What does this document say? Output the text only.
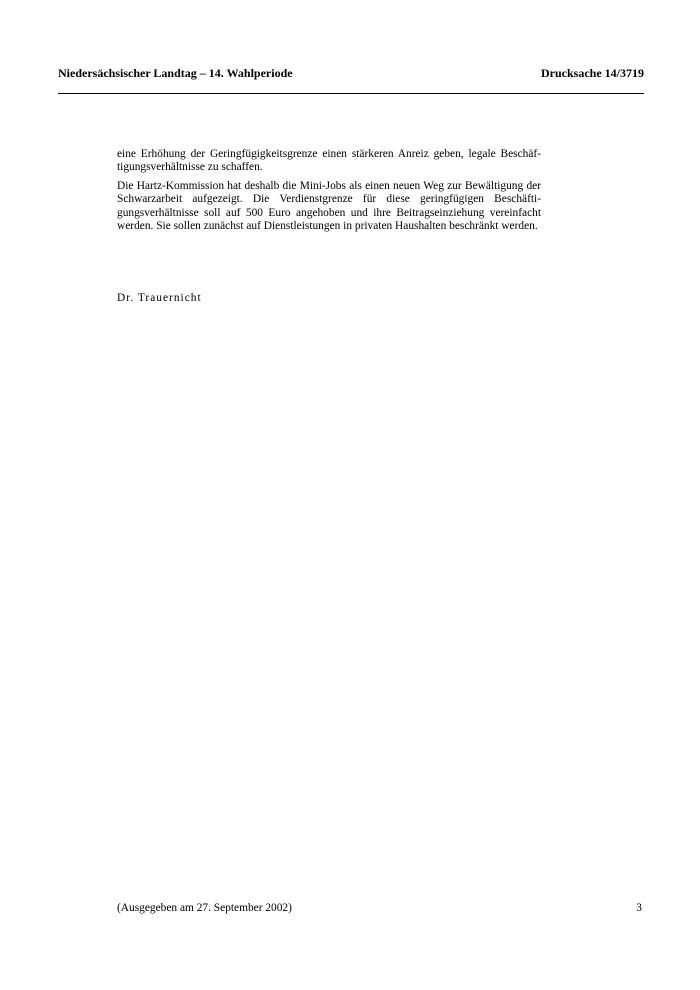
Niedersächsischer Landtag – 14. Wahlperiode	Drucksache 14/3719

eine Erhöhung der Geringfügigkeitsgrenze einen stärkeren Anreiz geben, legale Beschäftigungsverhältnisse zu schaffen.

Die Hartz-Kommission hat deshalb die Mini-Jobs als einen neuen Weg zur Bewältigung der Schwarzarbeit aufgezeigt. Die Verdienstgrenze für diese geringfügigen Beschäftigungsverhältnisse soll auf 500 Euro angehoben und ihre Beitragseinziehung vereinfacht werden. Sie sollen zunächst auf Dienstleistungen in privaten Haushalten beschränkt werden.

Dr. Trauernicht
(Ausgegeben am 27. September 2002)	3
